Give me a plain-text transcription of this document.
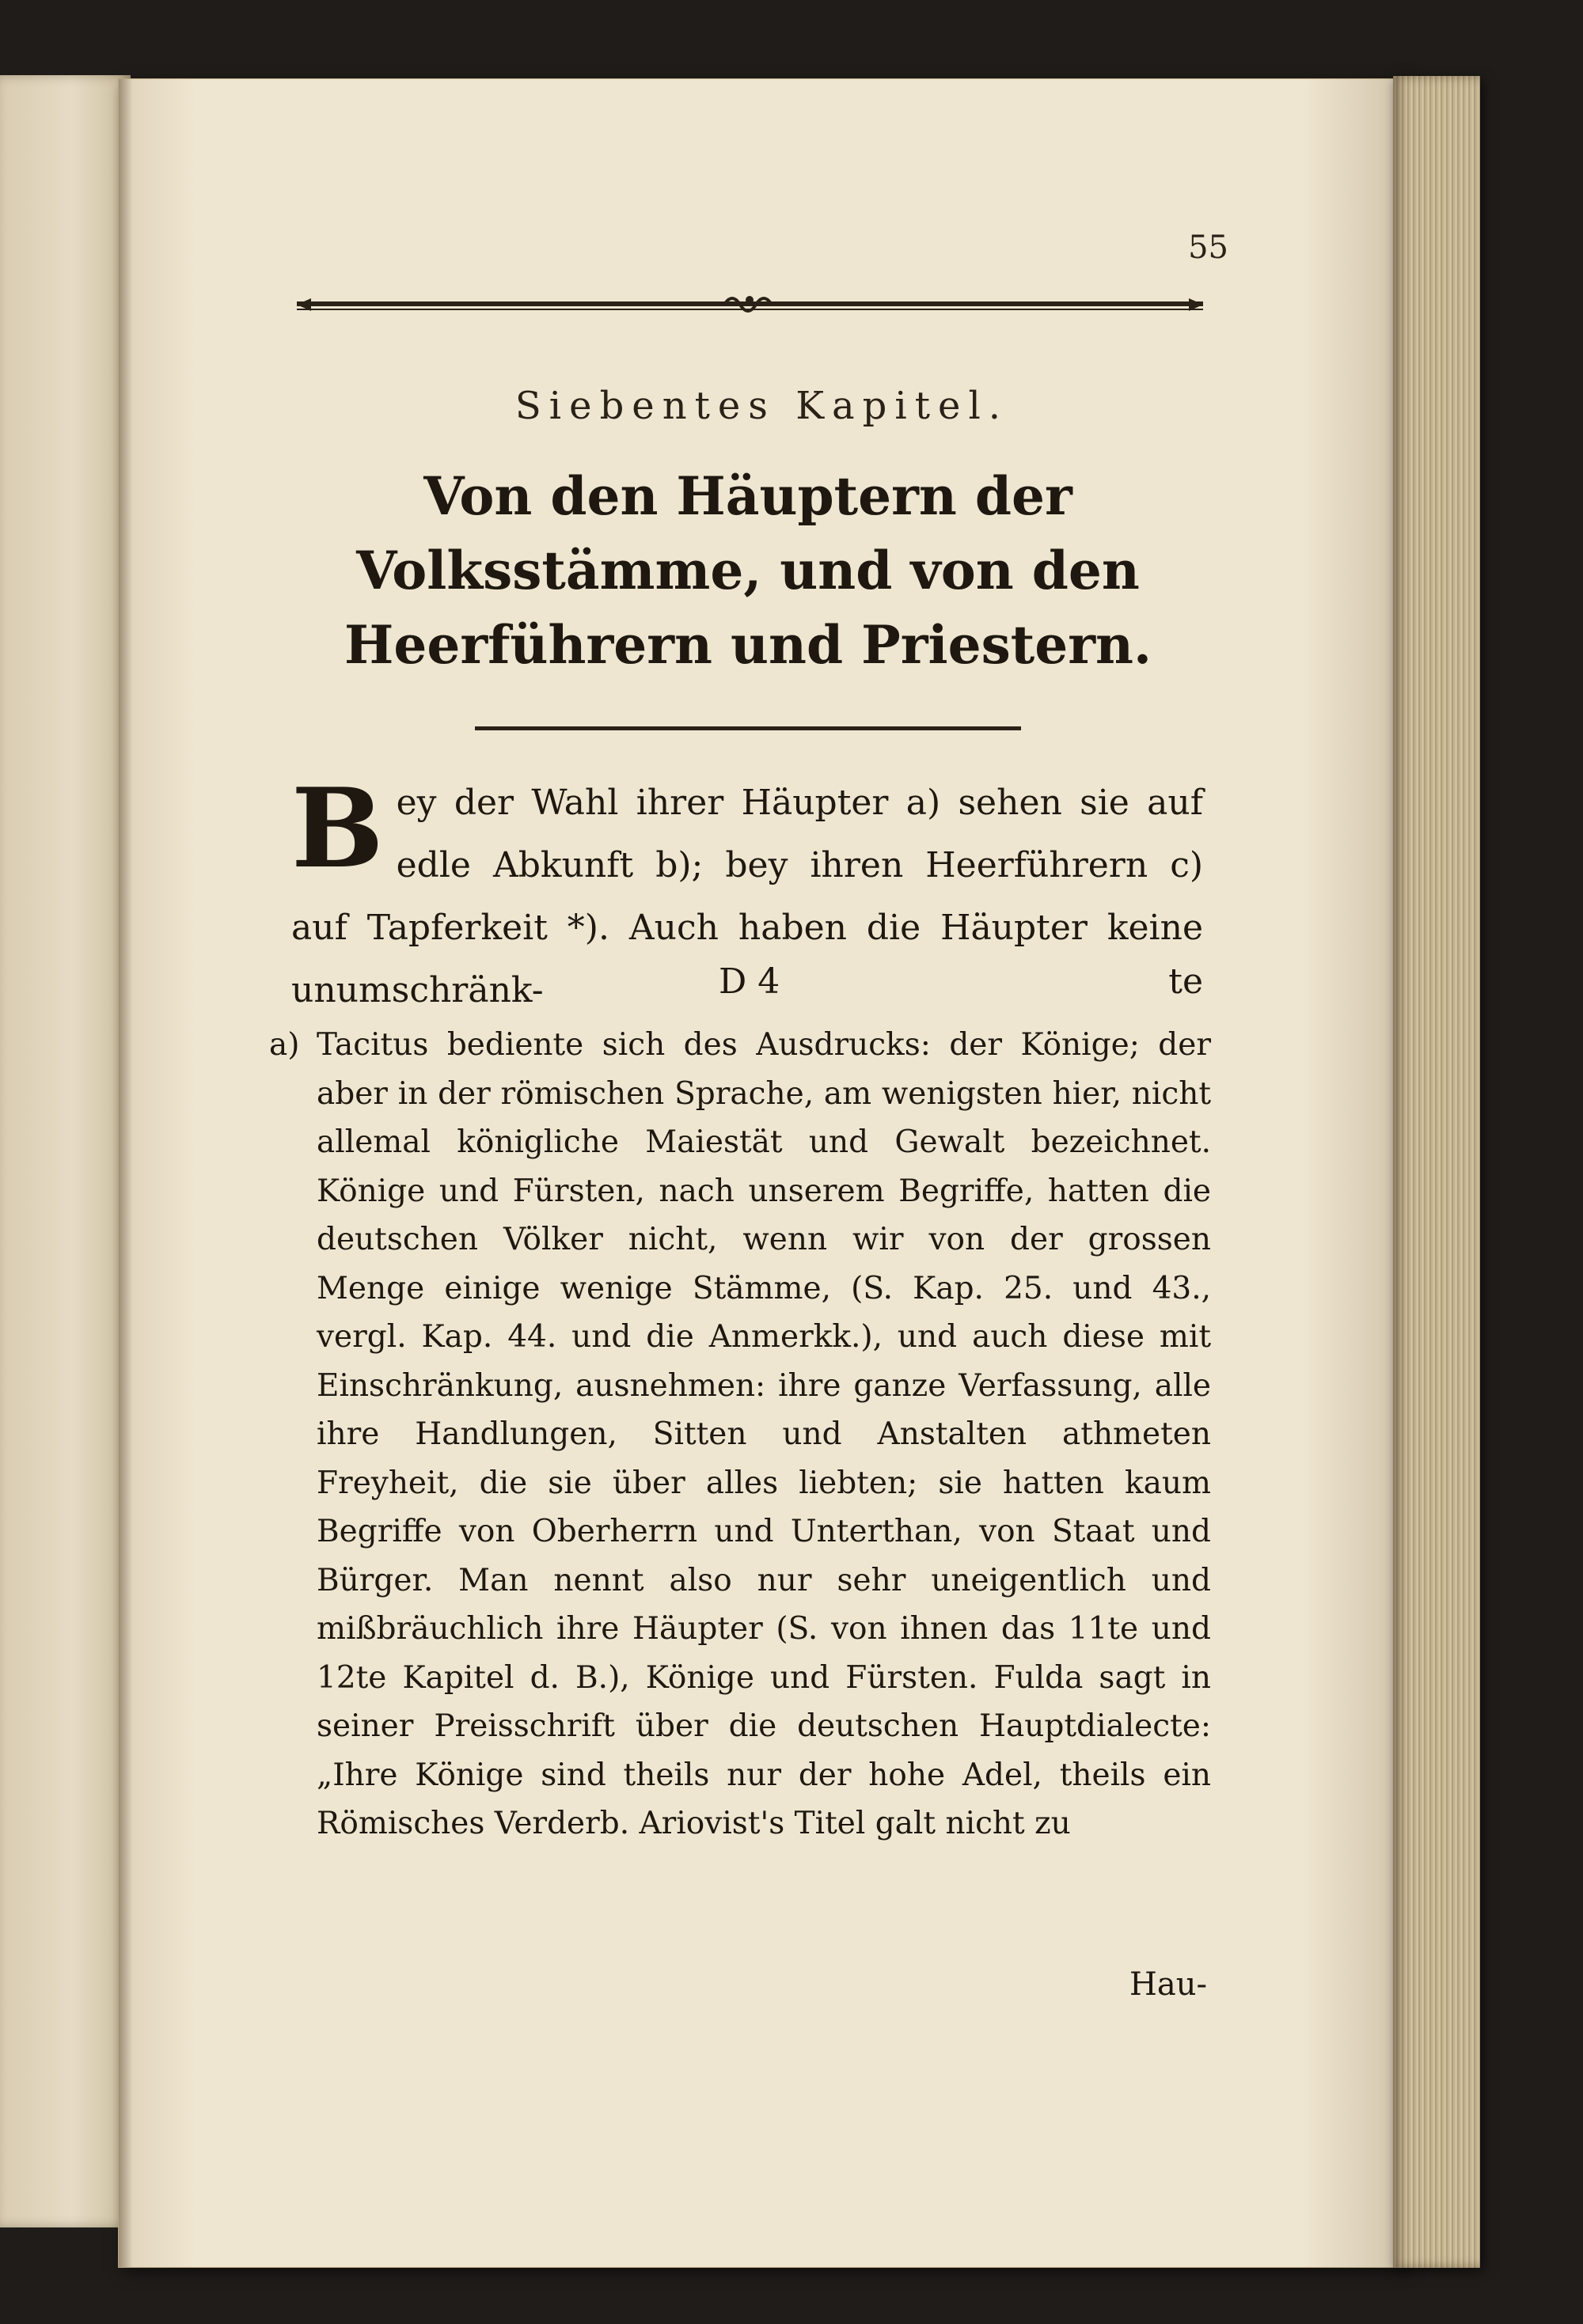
55
Siebentes Kapitel.
Von den Häuptern der Volksstämme, und von den Heerführern und Priestern.
Bey der Wahl ihrer Häupter a) sehen sie auf edle Abkunft b); bey ihren Heerführern c) auf Tapferkeit *). Auch haben die Häupter keine unumschränk-	D 4	te
a) Tacitus bediente sich des Ausdrucks: der Könige; der aber in der römischen Sprache, am wenigsten hier, nicht allemal königliche Maiestät und Gewalt bezeichnet. Könige und Fürsten, nach unserem Begriffe, hatten die deutschen Völker nicht, wenn wir von der grossen Menge einige wenige Stämme, (S. Kap. 25. und 43., vergl. Kap. 44. und die Anmerkk.), und auch diese mit Einschränkung, ausnehmen: ihre ganze Verfassung, alle ihre Handlungen, Sitten und Anstalten athmeten Freyheit, die sie über alles liebten; sie hatten kaum Begriffe von Oberherrn und Unterthan, von Staat und Bürger. Man nennt also nur sehr uneigentlich und mißbräuchlich ihre Häupter (S. von ihnen das 11te und 12te Kapitel d. B.), Könige und Fürsten. Fulda sagt in seiner Preisschrift über die deutschen Hauptdialecte: „Ihre Könige sind theils nur der hohe Adel, theils ein Römisches Verderb. Ariovist's Titel galt nicht zu
Hau-
